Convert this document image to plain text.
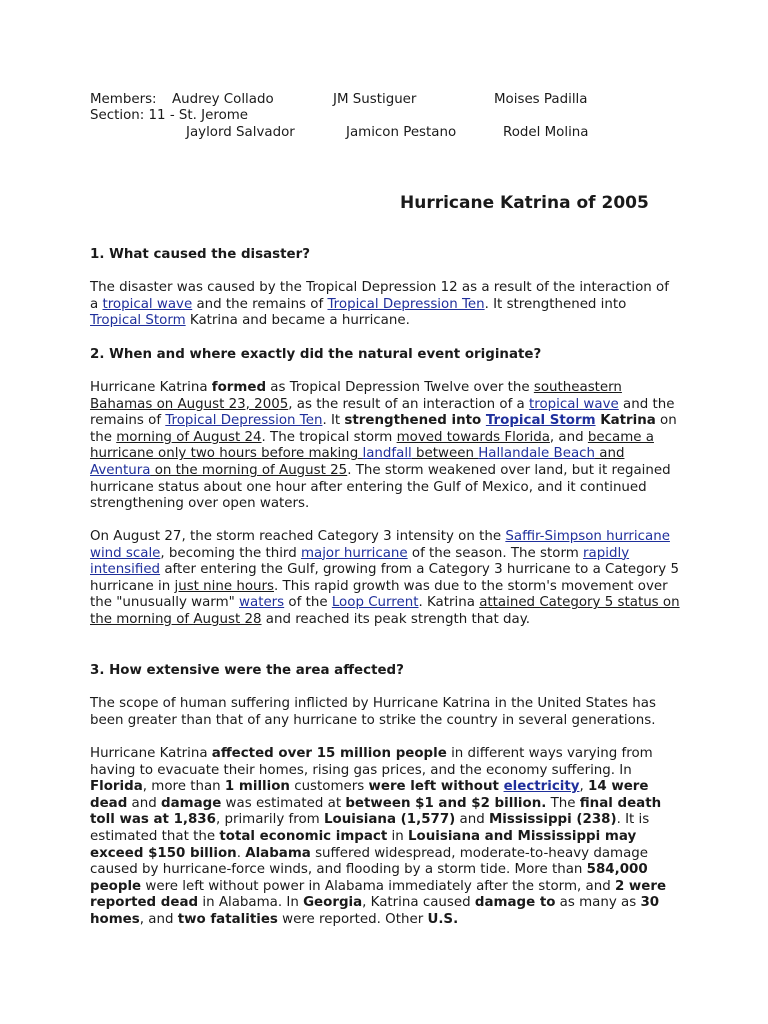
Members: Audrey Collado	JM Sustiguer	Moises Padilla
Section: 11 - St. Jerome
Jaylord Salvador	Jamicon Pestano	Rodel Molina
Hurricane Katrina of 2005
1. What caused the disaster?
The disaster was caused by the Tropical Depression 12 as a result of the interaction of a tropical wave and the remains of Tropical Depression Ten. It strengthened into Tropical Storm Katrina and became a hurricane.
2. When and where exactly did the natural event originate?
Hurricane Katrina formed as Tropical Depression Twelve over the southeastern Bahamas on August 23, 2005, as the result of an interaction of a tropical wave and the remains of Tropical Depression Ten. It strengthened into Tropical Storm Katrina on the morning of August 24. The tropical storm moved towards Florida, and became a hurricane only two hours before making landfall between Hallandale Beach and Aventura on the morning of August 25. The storm weakened over land, but it regained hurricane status about one hour after entering the Gulf of Mexico, and it continued strengthening over open waters.
On August 27, the storm reached Category 3 intensity on the Saffir-Simpson hurricane wind scale, becoming the third major hurricane of the season. The storm rapidly intensified after entering the Gulf, growing from a Category 3 hurricane to a Category 5 hurricane in just nine hours. This rapid growth was due to the storm's movement over the "unusually warm" waters of the Loop Current. Katrina attained Category 5 status on the morning of August 28 and reached its peak strength that day.
3. How extensive were the area affected?
The scope of human suffering inflicted by Hurricane Katrina in the United States has been greater than that of any hurricane to strike the country in several generations.
Hurricane Katrina affected over 15 million people in different ways varying from having to evacuate their homes, rising gas prices, and the economy suffering. In Florida, more than 1 million customers were left without electricity, 14 were dead and damage was estimated at between $1 and $2 billion. The final death toll was at 1,836, primarily from Louisiana (1,577) and Mississippi (238). It is estimated that the total economic impact in Louisiana and Mississippi may exceed $150 billion. Alabama suffered widespread, moderate-to-heavy damage caused by hurricane-force winds, and flooding by a storm tide. More than 584,000 people were left without power in Alabama immediately after the storm, and 2 were reported dead in Alabama. In Georgia, Katrina caused damage to as many as 30 homes, and two fatalities were reported. Other U.S.
